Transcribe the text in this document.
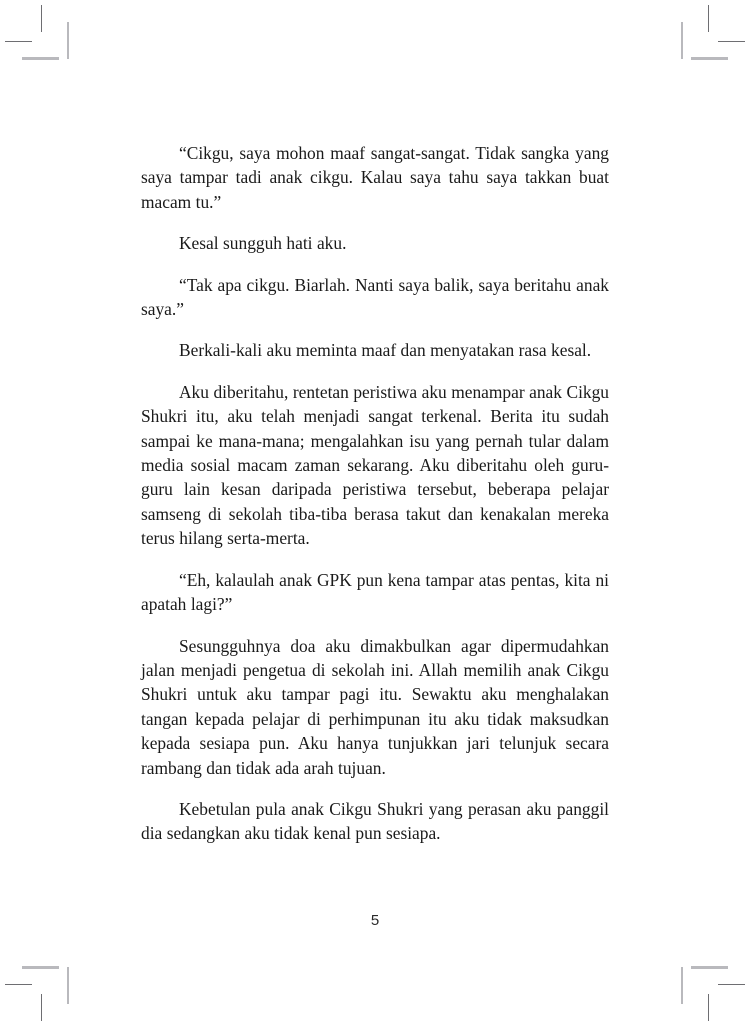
“Cikgu, saya mohon maaf sangat-sangat. Tidak sangka yang saya tampar tadi anak cikgu. Kalau saya tahu saya takkan buat macam tu.”

Kesal sungguh hati aku.

“Tak apa cikgu. Biarlah. Nanti saya balik, saya beritahu anak saya.”

Berkali-kali aku meminta maaf dan menyatakan rasa kesal.

Aku diberitahu, rentetan peristiwa aku menampar anak Cikgu Shukri itu, aku telah menjadi sangat terkenal. Berita itu sudah sampai ke mana-mana; mengalahkan isu yang pernah tular dalam media sosial macam zaman sekarang. Aku diberitahu oleh guru-guru lain kesan daripada peristiwa tersebut, beberapa pelajar samseng di sekolah tiba-tiba berasa takut dan kenakalan mereka terus hilang serta-merta.

“Eh, kalaulah anak GPK pun kena tampar atas pentas, kita ni apatah lagi?”

Sesungguhnya doa aku dimakbulkan agar dipermudahkan jalan menjadi pengetua di sekolah ini. Allah memilih anak Cikgu Shukri untuk aku tampar pagi itu. Sewaktu aku menghalakan tangan kepada pelajar di perhimpunan itu aku tidak maksudkan kepada sesiapa pun. Aku hanya tunjukkan jari telunjuk secara rambang dan tidak ada arah tujuan.

Kebetulan pula anak Cikgu Shukri yang perasan aku panggil dia sedangkan aku tidak kenal pun sesiapa.

5
